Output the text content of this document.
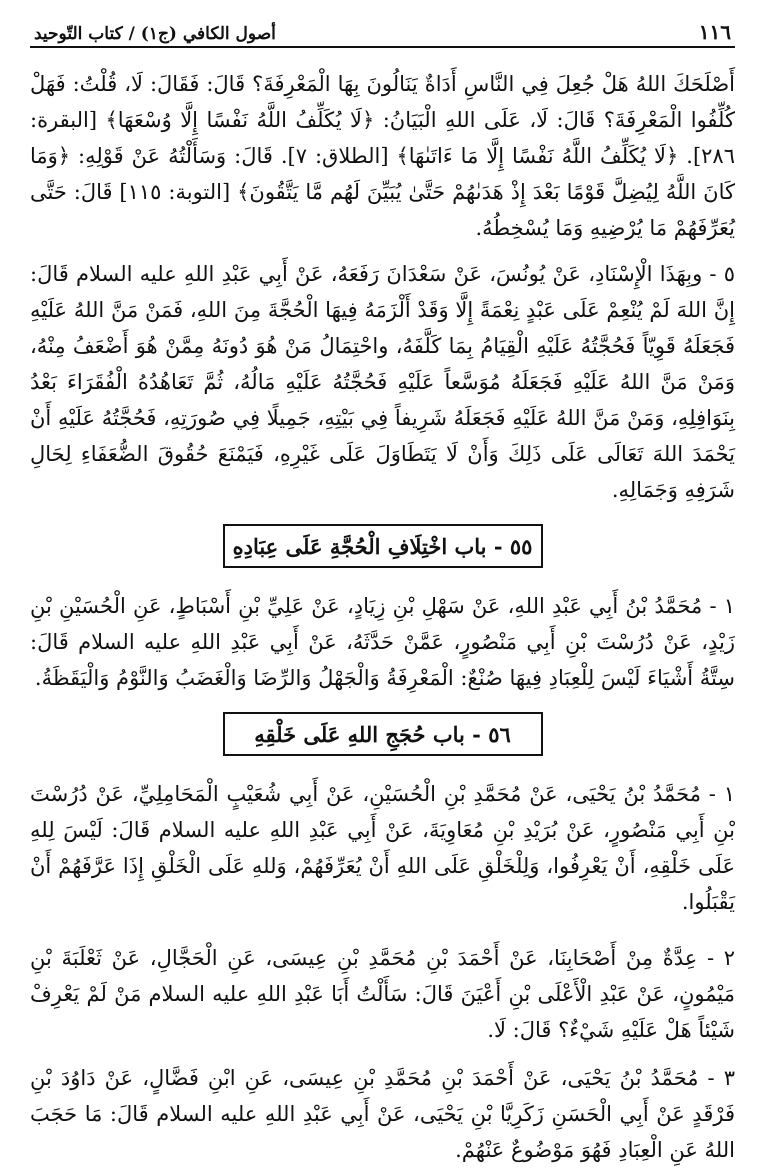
١١٦
أصول الكافي (ج١) / كتاب التّوحيد

أَصْلَحَكَ اللهُ هَلْ جُعِلَ فِي النَّاسِ أَدَاةٌ يَنَالُونَ بِهَا الْمَعْرِفَةَ؟ قَالَ: فَقَالَ: لَا، قُلْتُ: فَهَلْ كُلِّفُوا الْمَعْرِفَةَ؟ قَالَ: لَا، عَلَى اللهِ الْبَيَانُ: ﴿لَا يُكَلِّفُ اللَّهُ نَفْسًا إِلَّا وُسْعَهَا﴾ [البقرة: ٢٨٦]. ﴿لَا يُكَلِّفُ اللَّهُ نَفْسًا إِلَّا مَا ءَاتَىٰهَا﴾ [الطلاق: ٧]. قَالَ: وَسَأَلْتُهُ عَنْ قَوْلِهِ: ﴿وَمَا كَانَ اللَّهُ لِيُضِلَّ قَوْمًا بَعْدَ إِذْ هَدَىٰهُمْ حَتَّىٰ يُبَيِّنَ لَهُم مَّا يَتَّقُونَ﴾ [التوبة: ١١٥] قَالَ: حَتَّى يُعَرِّفَهُمْ مَا يُرْضِيهِ وَمَا يُسْخِطُهُ.

٥ - وبِهَذَا الْإِسْنَادِ، عَنْ يُونُسَ، عَنْ سَعْدَانَ رَفَعَهُ، عَنْ أَبِي عَبْدِ اللهِ عليه السلام قَالَ: إِنَّ اللهَ لَمْ يُنْعِمْ عَلَى عَبْدٍ نِعْمَةً إِلَّا وَقَدْ أَلْزَمَهُ فِيهَا الْحُجَّةَ مِنَ اللهِ، فَمَنْ مَنَّ اللهُ عَلَيْهِ فَجَعَلَهُ قَوِيّاً فَحُجَّتُهُ عَلَيْهِ الْقِيَامُ بِمَا كَلَّفَهُ، واحْتِمَالُ مَنْ هُوَ دُونَهُ مِمَّنْ هُوَ أَضْعَفُ مِنْهُ، وَمَنْ مَنَّ اللهُ عَلَيْهِ فَجَعَلَهُ مُوَسَّعاً عَلَيْهِ فَحُجَّتُهُ عَلَيْهِ مَالُهُ، ثُمَّ تَعَاهُدُهُ الْفُقَرَاءَ بَعْدُ بِنَوَافِلِهِ، وَمَنْ مَنَّ اللهُ عَلَيْهِ فَجَعَلَهُ شَرِيفاً فِي بَيْتِهِ، جَمِيلًا فِي صُورَتِهِ، فَحُجَّتُهُ عَلَيْهِ أَنْ يَحْمَدَ اللهَ تَعَالَى عَلَى ذَلِكَ وَأَنْ لَا يَتَطَاوَلَ عَلَى غَيْرِهِ، فَيَمْنَعَ حُقُوقَ الضُّعَفَاءِ لِحَالِ شَرَفِهِ وَجَمَالِهِ.

٥٥ - باب اخْتِلَافِ الْحُجَّةِ عَلَى عِبَادِهِ

١ - مُحَمَّدُ بْنُ أَبِي عَبْدِ اللهِ، عَنْ سَهْلِ بْنِ زِيَادٍ، عَنْ عَلِيِّ بْنِ أَسْبَاطٍ، عَنِ الْحُسَيْنِ بْنِ زَيْدٍ، عَنْ دُرُسْتَ بْنِ أَبِي مَنْصُورٍ، عَمَّنْ حَدَّثَهُ، عَنْ أَبِي عَبْدِ اللهِ عليه السلام قَالَ: سِتَّةُ أَشْيَاءَ لَيْسَ لِلْعِبَادِ فِيهَا صُنْعٌ: الْمَعْرِفَةُ وَالْجَهْلُ وَالرِّضَا وَالْغَضَبُ وَالنَّوْمُ وَالْيَقَظَةُ.

٥٦ - باب حُجَجِ اللهِ عَلَى خَلْقِهِ

١ - مُحَمَّدُ بْنُ يَحْيَى، عَنْ مُحَمَّدِ بْنِ الْحُسَيْنِ، عَنْ أَبِي شُعَيْبٍ الْمَحَامِلِيِّ، عَنْ دُرُسْتَ بْنِ أَبِي مَنْصُورٍ، عَنْ بُرَيْدِ بْنِ مُعَاوِيَةَ، عَنْ أَبِي عَبْدِ اللهِ عليه السلام قَالَ: لَيْسَ لِلهِ عَلَى خَلْقِهِ، أَنْ يَعْرِفُوا، وَلِلْخَلْقِ عَلَى اللهِ أَنْ يُعَرِّفَهُمْ، وَللهِ عَلَى الْخَلْقِ إِذَا عَرَّفَهُمْ أَنْ يَقْبَلُوا.

٢ - عِدَّةٌ مِنْ أَصْحَابِنَا، عَنْ أَحْمَدَ بْنِ مُحَمَّدِ بْنِ عِيسَى، عَنِ الْحَجَّالِ، عَنْ ثَعْلَبَةَ بْنِ مَيْمُونٍ، عَنْ عَبْدِ الْأَعْلَى بْنِ أَعْيَنَ قَالَ: سَأَلْتُ أَبَا عَبْدِ اللهِ عليه السلام مَنْ لَمْ يَعْرِفْ شَيْئاً هَلْ عَلَيْهِ شَيْءٌ؟ قَالَ: لَا.

٣ - مُحَمَّدُ بْنُ يَحْيَى، عَنْ أَحْمَدَ بْنِ مُحَمَّدِ بْنِ عِيسَى، عَنِ ابْنِ فَضَّالٍ، عَنْ دَاوُدَ بْنِ فَرْقَدٍ عَنْ أَبِي الْحَسَنِ زَكَرِيَّا بْنِ يَحْيَى، عَنْ أَبِي عَبْدِ اللهِ عليه السلام قَالَ: مَا حَجَبَ اللهُ عَنِ الْعِبَادِ فَهُوَ مَوْضُوعٌ عَنْهُمْ.
